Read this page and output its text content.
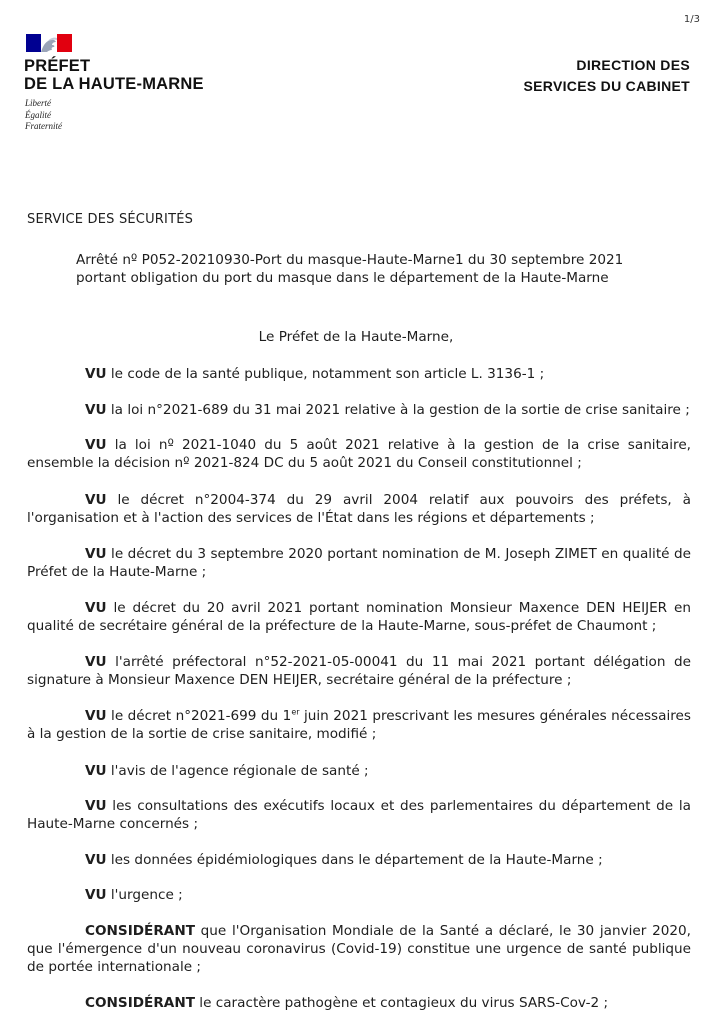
1/3
PRÉFET
DE LA HAUTE-MARNE
Liberté
Égalité
Fraternité
DIRECTION DES
SERVICES DU CABINET
SERVICE DES SÉCURITÉS
Arrêté nº P052-20210930-Port du masque-Haute-Marne1 du 30 septembre 2021
portant obligation du port du masque dans le département de la Haute-Marne
Le Préfet de la Haute-Marne,
VU le code de la santé publique, notamment son article L. 3136-1 ;
VU la loi n°2021-689 du 31 mai 2021 relative à la gestion de la sortie de crise sanitaire ;
VU la loi nº 2021-1040 du 5 août 2021 relative à la gestion de la crise sanitaire, ensemble la décision nº 2021-824 DC du 5 août 2021 du Conseil constitutionnel ;
VU le décret n°2004-374 du 29 avril 2004 relatif aux pouvoirs des préfets, à l'organisation et à l'action des services de l'État dans les régions et départements ;
VU le décret du 3 septembre 2020 portant nomination de M. Joseph ZIMET en qualité de Préfet de la Haute-Marne ;
VU le décret du 20 avril 2021 portant nomination Monsieur Maxence DEN HEIJER en qualité de secrétaire général de la préfecture de la Haute-Marne, sous-préfet de Chaumont ;
VU l'arrêté préfectoral n°52-2021-05-00041 du 11 mai 2021 portant délégation de signature à Monsieur Maxence DEN HEIJER, secrétaire général de la préfecture ;
VU le décret n°2021-699 du 1er juin 2021 prescrivant les mesures générales nécessaires à la gestion de la sortie de crise sanitaire, modifié ;
VU l'avis de l'agence régionale de santé ;
VU les consultations des exécutifs locaux et des parlementaires du département de la Haute-Marne concernés ;
VU les données épidémiologiques dans le département de la Haute-Marne ;
VU l'urgence ;
CONSIDÉRANT que l'Organisation Mondiale de la Santé a déclaré, le 30 janvier 2020, que l'émergence d'un nouveau coronavirus (Covid-19) constitue une urgence de santé publique de portée internationale ;
CONSIDÉRANT le caractère pathogène et contagieux du virus SARS-Cov-2 ;
